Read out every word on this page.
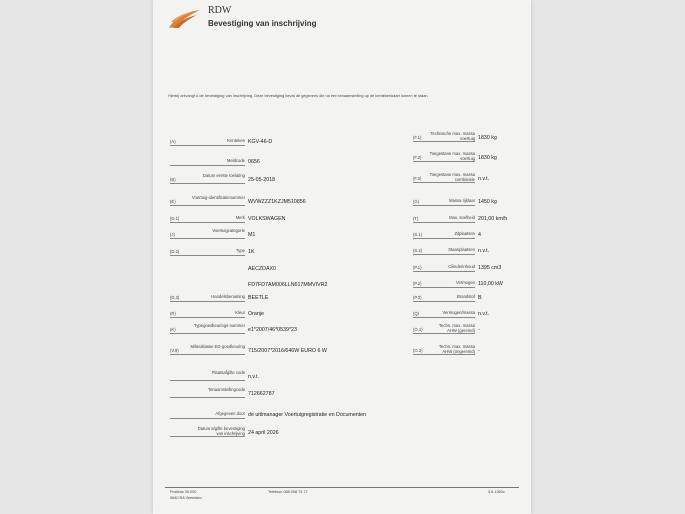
RDW
Bevestiging van inschrijving
Hierbij ontvangt u de bevestiging van inschrijving. Deze bevestiging bevat de gegevens die na een tenaamstelling op de kentekenkaart komen te staan.
(A)	Kenteken KGV-46-D
Meldcode 0656
(B)
Datum eerste toelating
25-05-2018
(E)
Voertuig-identificatienummer
WVWZZZ1KZJM510856
(D.1)	Merk VOLKSWAGEN
(J)
Voertuigcategorie
M1
(D.2)	Type 1K
AECZDAX0
FD7FD7AM006LLN617MMVIVR2
(D.3)	Handelsbenaming BEETLE
(R)	Kleur Oranje
(K)
Typegoedkeurings-nummer
e1*2007/46*0539*23
(V.9)
Milieuklasse EG-goedkeuring
715/2007*2016/646W EURO 6 W
Plaatsafgifte code
n.v.t.
Tenaamstellingcode
712662787
Afgegeven door de uitlmanager Voertuigregistratie en Documenten
Datum afgifte bevestiging van inschrijving 24 april 2026
(F.1)
Technische max. massa voertuig 1830 kg
(F.2)
Toegestane max. massa voertuig 1830 kg
(F.3)
Toegestane max. massa combinatie n.v.t.
(G)	Massa rijklaar 1450 kg
(T)	Max. snelheid 201,00 km/h
(S.1)	Zitplaatsen 4
(S.2)	Staanplaatsen n.v.t.
(P.1)	Cilinderinhoud 1395 cm3
(P.2)	Vermogen 110,00 kW
(P.3)	Brandstof B
(Q)	Vermogen/massa n.v.t.
(O.1)
Techn. max. massa AHW (geremd) -
(O.2)
Techn. max. massa AHW (ongeremd) -
Postbus 30.000
9640 RA Veendam
Telefoon 088 008 74 77	3.6.1260c
